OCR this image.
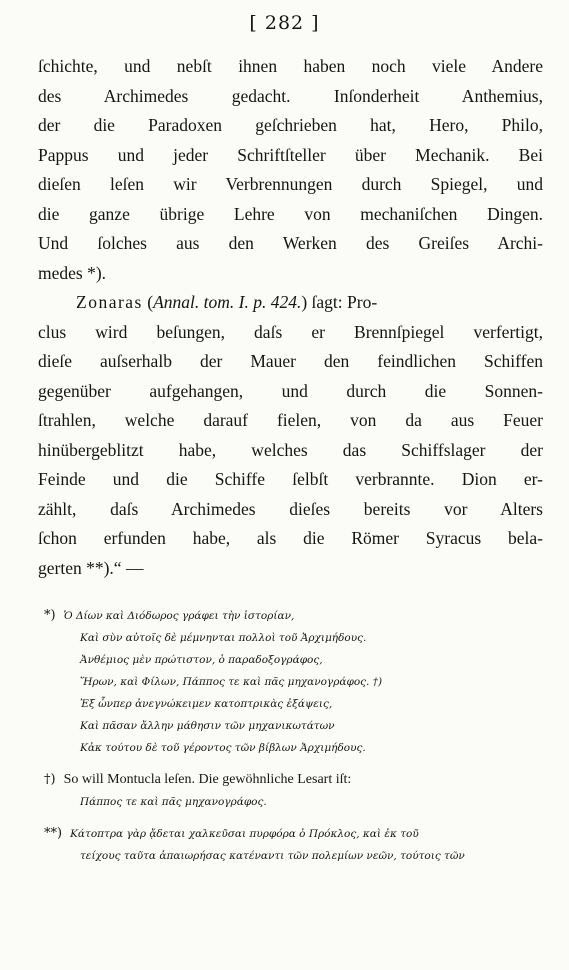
[ 282 ]
ſchichte, und nebſt ihnen haben noch viele Andere
des Archimedes gedacht. Inſonderheit Anthemius,
der die Paradoxen geſchrieben hat, Hero, Philo,
Pappus und jeder Schriftſteller über Mechanik. Bei
dieſen leſen wir Verbrennungen durch Spiegel, und
die ganze übrige Lehre von mechaniſchen Dingen.
Und ſolches aus den Werken des Greiſes Archi-
medes *).
Zonaras (Annal. tom. I. p. 424.) ſagt: Pro-
clus wird beſungen, daſs er Brennſpiegel verfertigt,
dieſe auſserhalb der Mauer den feindlichen Schiffen
gegenüber aufgehangen, und durch die Sonnen-
ſtrahlen, welche darauf fielen, von da aus Feuer
hinübergeblitzt habe, welches das Schiffslager der
Feinde und die Schiffe ſelbſt verbrannte. Dion er-
zählt, daſs Archimedes dieſes bereits vor Alters
ſchon erfunden habe, als die Römer Syracus bela-
gerten **).“ —
*) Ὁ Δίων καὶ Διόδωρος γράφει τὴν ἱστορίαν,
Καὶ σὺν αὐτοῖς δὲ μέμνηνται πολλοὶ τοῦ Ἀρχιμήδους.
Ἀνθέμιος μὲν πρώτιστον, ὁ παραδοξογράφος,
Ἥρων, καὶ Φίλων, Πάππος τε καὶ πᾶς μηχανογράφος. †)
Ἐξ ὧνπερ ἀνεγνώκειμεν κατοπτρικὰς ἐξάψεις,
Καὶ πᾶσαν ἄλλην μάθησιν τῶν μηχανικωτάτων
Κἀκ τούτου δὲ τοῦ γέροντος τῶν βίβλων Ἀρχιμήδους.
†) So will Montucla leſen. Die gewöhnliche Lesart iſt:
Πάππος τε καὶ πᾶς μηχανογράφος.
**) Κάτοπτρα γὰρ ᾄδεται χαλκεῦσαι πυρφόρα ὁ Πρόκλος, καὶ ἐκ τοῦ
τείχους ταῦτα ἀπαιωρήσας κατέναντι τῶν πολεμίων νεῶν, τούτοις τῶν
